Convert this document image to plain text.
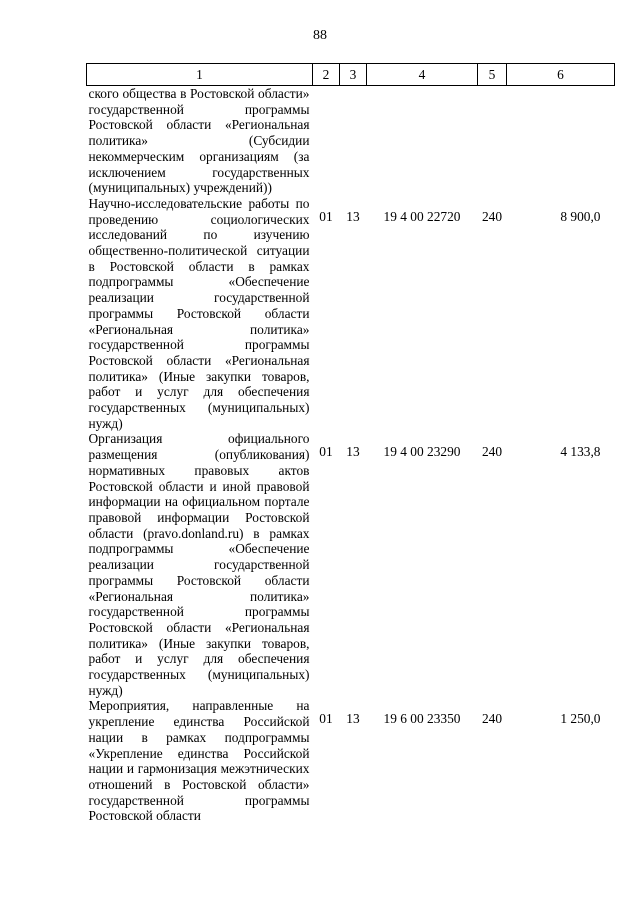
88
1	2	3	4	5	6
ского общества в Ростовской области» государственной программы Ростовской области «Региональная политика» (Субсидии некоммерческим организациям (за исключением государственных (муниципальных) учреждений))					
Научно-исследовательские работы по проведению социологических исследований по изучению общественно-политической ситуации в Ростовской области в рамках подпрограммы «Обеспечение реализации государственной программы Ростовской области «Региональная политика» государственной программы Ростовской области «Региональная политика» (Иные закупки товаров, работ и услуг для обеспечения государственных (муниципальных) нужд)	01	13	19 4 00 22720	240	8 900,0
Организация официального размещения (опубликования) нормативных правовых актов Ростовской области и иной правовой информации на официальном портале правовой информации Ростовской области (pravo.donland.ru) в рамках подпрограммы «Обеспечение реализации государственной программы Ростовской области «Региональная политика» государственной программы Ростовской области «Региональная политика» (Иные закупки товаров, работ и услуг для обеспечения государственных (муниципальных) нужд)	01	13	19 4 00 23290	240	4 133,8
Мероприятия, направленные на укрепление единства Российской нации в рамках подпрограммы «Укрепление единства Российской нации и гармонизация межэтнических отношений в Ростовской области» государственной программы Ростовской области	01	13	19 6 00 23350	240	1 250,0
